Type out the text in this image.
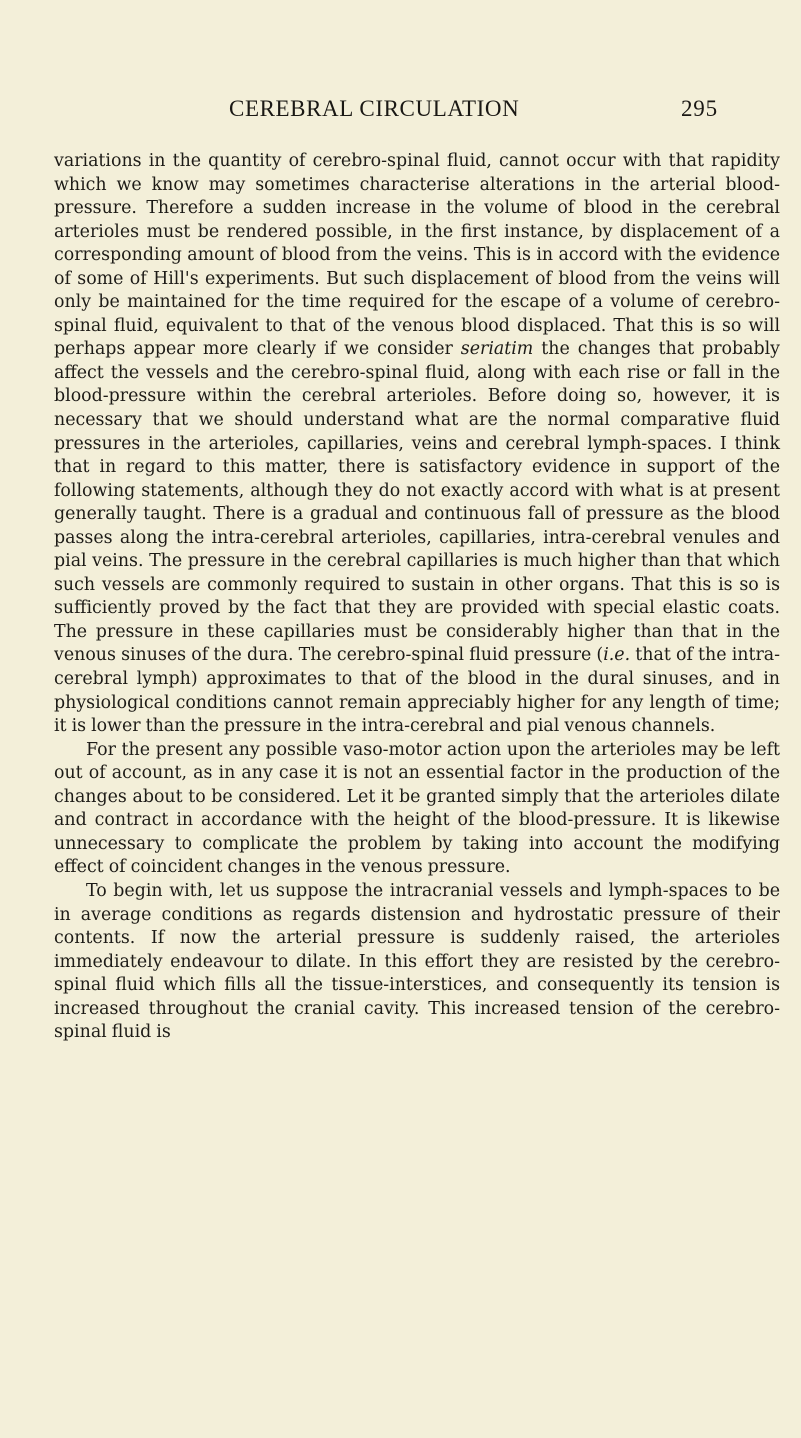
CEREBRAL CIRCULATION	295

variations in the quantity of cerebro-spinal fluid, cannot occur with that rapidity which we know may sometimes characterise alterations in the arterial blood-pressure. Therefore a sudden increase in the volume of blood in the cerebral arterioles must be rendered possible, in the first instance, by displacement of a corresponding amount of blood from the veins. This is in accord with the evidence of some of Hill's experiments. But such displacement of blood from the veins will only be maintained for the time required for the escape of a volume of cerebro-spinal fluid, equivalent to that of the venous blood displaced. That this is so will perhaps appear more clearly if we consider seriatim the changes that probably affect the vessels and the cerebro-spinal fluid, along with each rise or fall in the blood-pressure within the cerebral arterioles. Before doing so, however, it is necessary that we should understand what are the normal comparative fluid pressures in the arterioles, capillaries, veins and cerebral lymph-spaces. I think that in regard to this matter, there is satisfactory evidence in support of the following statements, although they do not exactly accord with what is at present generally taught. There is a gradual and continuous fall of pressure as the blood passes along the intra-cerebral arterioles, capillaries, intra-cerebral venules and pial veins. The pressure in the cerebral capillaries is much higher than that which such vessels are commonly required to sustain in other organs. That this is so is sufficiently proved by the fact that they are provided with special elastic coats. The pressure in these capillaries must be considerably higher than that in the venous sinuses of the dura. The cerebro-spinal fluid pressure (i.e. that of the intra-cerebral lymph) approximates to that of the blood in the dural sinuses, and in physiological conditions cannot remain appreciably higher for any length of time; it is lower than the pressure in the intra-cerebral and pial venous channels.

For the present any possible vaso-motor action upon the arterioles may be left out of account, as in any case it is not an essential factor in the production of the changes about to be considered. Let it be granted simply that the arterioles dilate and contract in accordance with the height of the blood-pressure. It is likewise unnecessary to complicate the problem by taking into account the modifying effect of coincident changes in the venous pressure.

To begin with, let us suppose the intracranial vessels and lymph-spaces to be in average conditions as regards distension and hydrostatic pressure of their contents. If now the arterial pressure is suddenly raised, the arterioles immediately endeavour to dilate. In this effort they are resisted by the cerebro-spinal fluid which fills all the tissue-interstices, and consequently its tension is increased throughout the cranial cavity. This increased tension of the cerebro-spinal fluid is
